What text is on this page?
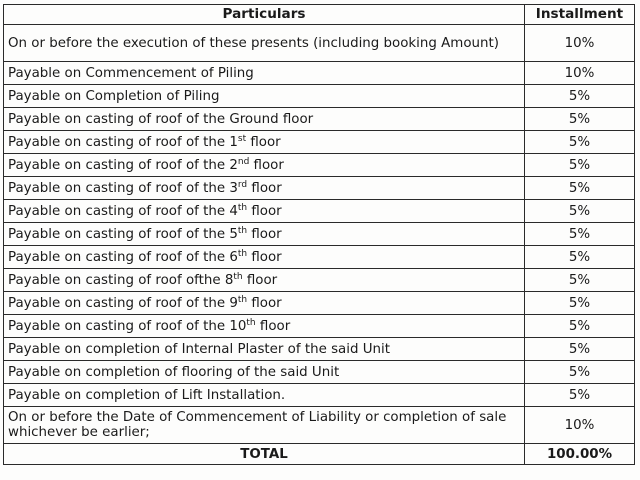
Particulars	Installment
On or before the execution of these presents (including booking Amount)	10%
Payable on Commencement of Piling	10%
Payable on Completion of Piling	5%
Payable on casting of roof of the Ground floor	5%
Payable on casting of roof of the 1st floor	5%
Payable on casting of roof of the 2nd floor	5%
Payable on casting of roof of the 3rd floor	5%
Payable on casting of roof of the 4th floor	5%
Payable on casting of roof of the 5th floor	5%
Payable on casting of roof of the 6th floor	5%
Payable on casting of roof ofthe 8th floor	5%
Payable on casting of roof of the 9th floor	5%
Payable on casting of roof of the 10th floor	5%
Payable on completion of Internal Plaster of the said Unit	5%
Payable on completion of flooring of the said Unit	5%
Payable on completion of Lift Installation.	5%
On or before the Date of Commencement of Liability or completion of sale whichever be earlier;	10%
TOTAL	100.00%
